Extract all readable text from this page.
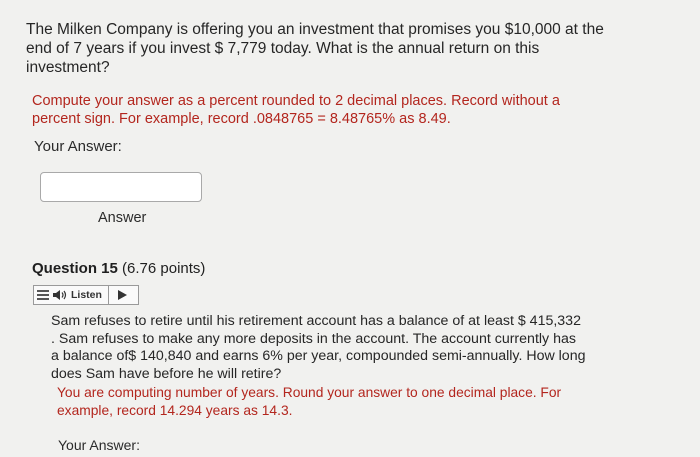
The Milken Company is offering you an investment that promises you $10,000 at the end of 7 years if you invest $ 7,779 today. What is the annual return on this investment?

Compute your answer as a percent rounded to 2 decimal places. Record without a percent sign. For example, record .0848765 = 8.48765% as 8.49.
Your Answer:
Answer
Question 15 (6.76 points)
Listen

Sam refuses to retire until his retirement account has a balance of at least $ 415,332 . Sam refuses to make any more deposits in the account. The account currently has a balance of$ 140,840 and earns 6% per year, compounded semi-annually. How long does Sam have before he will retire?

You are computing number of years. Round your answer to one decimal place. For example, record 14.294 years as 14.3.
Your Answer:
